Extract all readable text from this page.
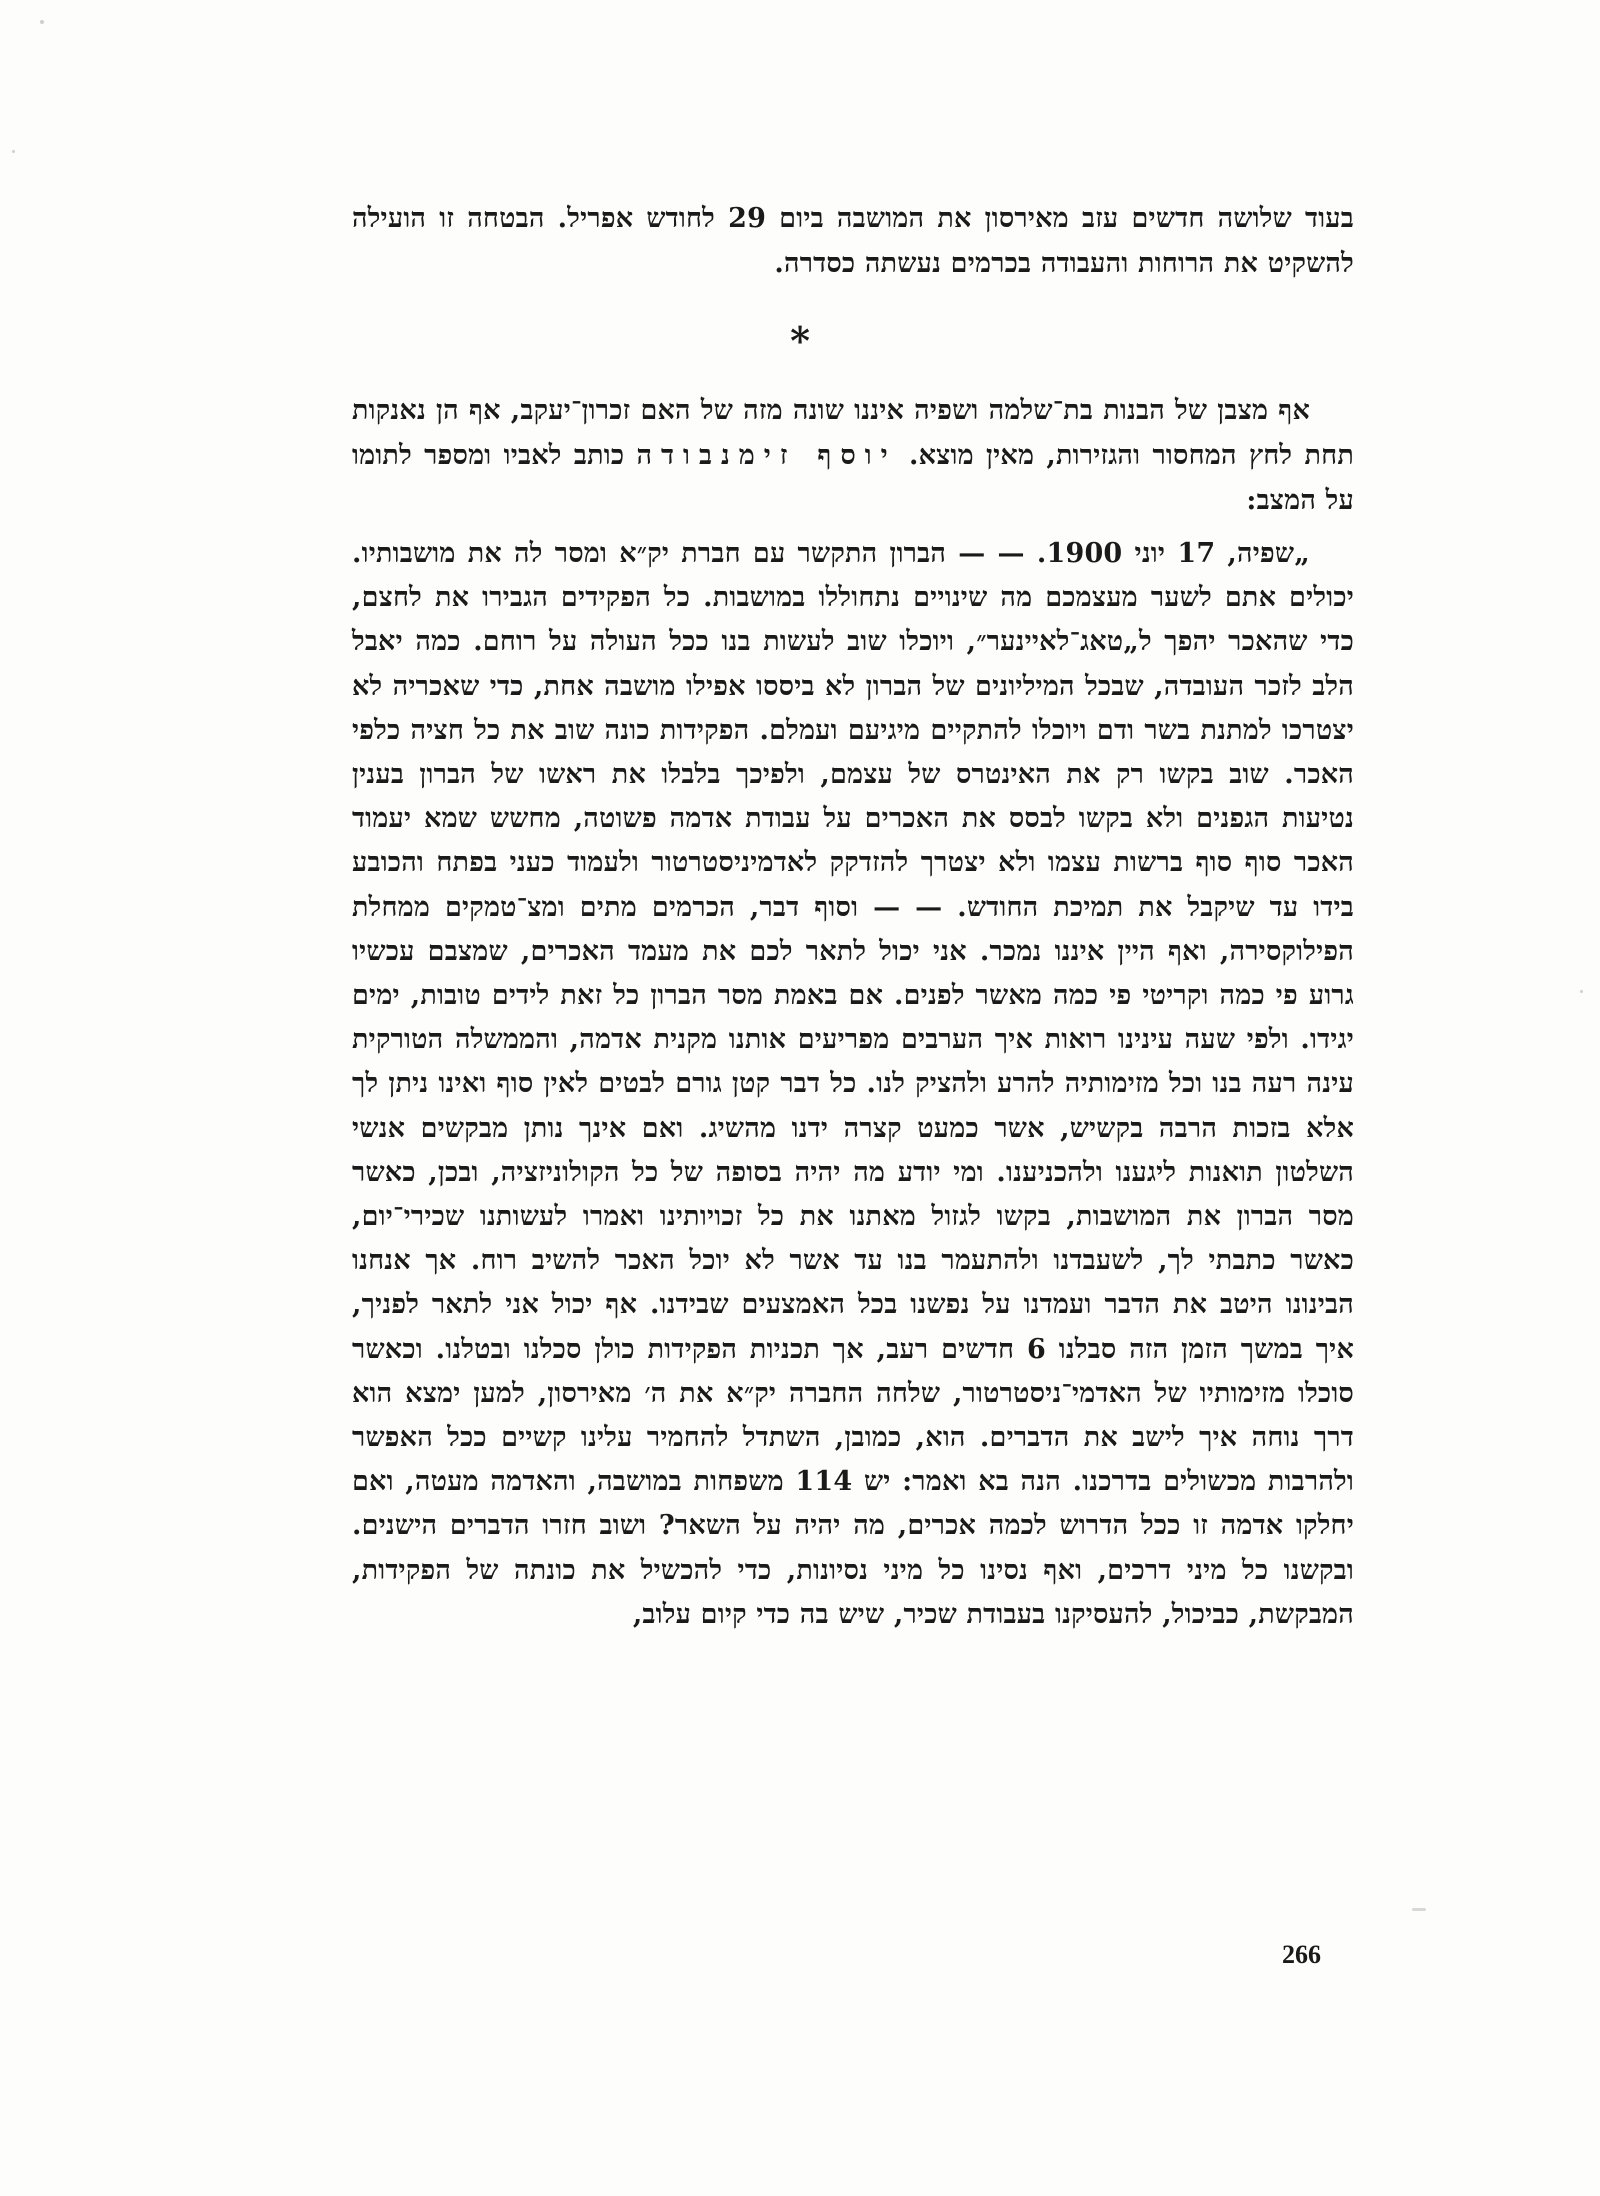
בעוד שלושה חדשים עזב מאירסון את המושבה ביום 29 לחודש אפריל. הבטחה זו הועילה להשקיט את הרוחות והעבודה בכרמים נעשתה כסדרה.

*

אף מצבן של הבנות בת־שלמה ושפיה איננו שונה מזה של האם זכרון־יעקב, אף הן נאנקות תחת לחץ המחסור והגזירות, מאין מוצא. יוסף זימנבודה כותב לאביו ומספר לתומו על המצב:

„שפיה, 17 יוני 1900. — — הברון התקשר עם חברת יק״א ומסר לה את מושבותיו. יכולים אתם לשער מעצמכם מה שינויים נתחוללו במושבות. כל הפקידים הגבירו את לחצם, כדי שהאכר יהפך ל„טאג־לאיינער״, ויוכלו שוב לעשות בנו ככל העולה על רוחם. כמה יאבל הלב לזכר העובדה, שבכל המיליונים של הברון לא ביססו אפילו מושבה אחת, כדי שאכריה לא יצטרכו למתנת בשר ודם ויוכלו להתקיים מיגיעם ועמלם. הפקידות כונה שוב את כל חציה כלפי האכר. שוב בקשו רק את האינטרס של עצמם, ולפיכך בלבלו את ראשו של הברון בענין נטיעות הגפנים ולא בקשו לבסס את האכרים על עבודת אדמה פשוטה, מחשש שמא יעמוד האכר סוף סוף ברשות עצמו ולא יצטרך להזדקק לאדמיניסטרטור ולעמוד כעני בפתח והכובע בידו עד שיקבל את תמיכת החודש. — — וסוף דבר, הכרמים מתים ומצ־טמקים ממחלת הפילוקסירה, ואף היין איננו נמכר. אני יכול לתאר לכם את מעמד האכרים, שמצבם עכשיו גרוע פי כמה וקריטי פי כמה מאשר לפנים. אם באמת מסר הברון כל זאת לידים טובות, ימים יגידו. ולפי שעה עינינו רואות איך הערבים מפריעים אותנו מקנית אדמה, והממשלה הטורקית עינה רעה בנו וכל מזימותיה להרע ולהציק לנו. כל דבר קטן גורם לבטים לאין סוף ואינו ניתן לך אלא בזכות הרבה בקשיש, אשר כמעט קצרה ידנו מהשיג. ואם אינך נותן מבקשים אנשי השלטון תואנות ליגענו ולהכניענו. ומי יודע מה יהיה בסופה של כל הקולוניזציה, ובכן, כאשר מסר הברון את המושבות, בקשו לגזול מאתנו את כל זכויותינו ואמרו לעשותנו שכירי־יום, כאשר כתבתי לך, לשעבדנו ולהתעמר בנו עד אשר לא יוכל האכר להשיב רוח. אך אנחנו הבינונו היטב את הדבר ועמדנו על נפשנו בכל האמצעים שבידנו. אף יכול אני לתאר לפניך, איך במשך הזמן הזה סבלנו 6 חדשים רעב, אך תכניות הפקידות כולן סכלנו ובטלנו. וכאשר סוכלו מזימותיו של האדמי־ניסטרטור, שלחה החברה יק״א את ה׳ מאירסון, למען ימצא הוא דרך נוחה איך לישב את הדברים. הוא, כמובן, השתדל להחמיר עלינו קשיים ככל האפשר ולהרבות מכשולים בדרכנו. הנה בא ואמר: יש 114 משפחות במושבה, והאדמה מעטה, ואם יחלקו אדמה זו ככל הדרוש לכמה אכרים, מה יהיה על השאר? ושוב חזרו הדברים הישנים. ובקשנו כל מיני דרכים, ואף נסינו כל מיני נסיונות, כדי להכשיל את כונתה של הפקידות, המבקשת, כביכול, להעסיקנו בעבודת שכיר, שיש בה כדי קיום עלוב,

266
